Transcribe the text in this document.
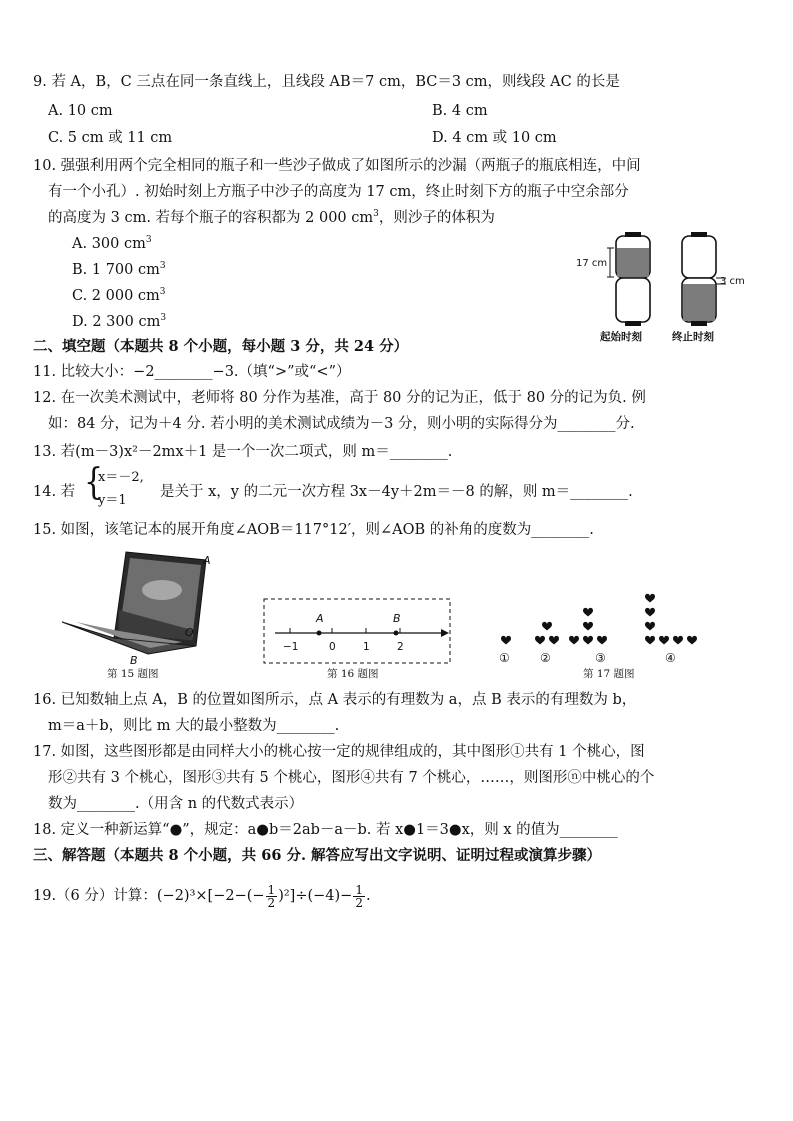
9. 若 A，B，C 三点在同一条直线上，且线段 AB＝7 cm，BC＝3 cm，则线段 AC 的长是
A. 10 cm	B. 4 cm
C. 5 cm 或 11 cm	D. 4 cm 或 10 cm
10. 强强利用两个完全相同的瓶子和一些沙子做成了如图所示的沙漏（两瓶子的瓶底相连，中间
有一个小孔）. 初始时刻上方瓶子中沙子的高度为 17 cm，终止时刻下方的瓶子中空余部分
的高度为 3 cm. 若每个瓶子的容积都为 2 000 $cm^3$，则沙子的体积为
A. 300 $cm^3$
B. 1 700 $cm^3$
C. 2 000 $cm^3$
D. 2 300 $cm^3$
17 cm
3 cm
起始时刻	终止时刻
二、填空题（本题共 8 个小题，每小题 3 分，共 24 分）
11. 比较大小：−2________−3.（填“>”或“<”）
12. 在一次美术测试中，老师将 80 分作为基准，高于 80 分的记为正，低于 80 分的记为负. 例
如：84 分，记为＋4 分. 若小明的美术测试成绩为－3 分，则小明的实际得分为________分.
13. 若(m－3)x²－2mx＋1 是一个一次二项式，则 m＝________.
14. 若 {
x＝－2,
y＝1
是关于 x，y 的二元一次方程 3x－4y＋2m＝－8 的解，则 m＝________.
15. 如图，该笔记本的展开角度∠AOB＝117°12′，则∠AOB 的补角的度数为________.
A
O
B
第 15 题图
A	B
−1	0	1	2
第 16 题图
①	②	③	④
第 17 题图
16. 已知数轴上点 A，B 的位置如图所示，点 A 表示的有理数为 a，点 B 表示的有理数为 b，
m＝a＋b，则比 m 大的最小整数为________.
17. 如图，这些图形都是由同样大小的桃心按一定的规律组成的，其中图形①共有 1 个桃心，图
形②共有 3 个桃心，图形③共有 5 个桃心，图形④共有 7 个桃心，……，则图形ⓝ中桃心的个
数为________.（用含 n 的代数式表示）
18. 定义一种新运算“●”，规定：a●b＝2ab－a－b. 若 x●1＝3●x，则 x 的值为________
三、解答题（本题共 8 个小题，共 66 分. 解答应写出文字说明、证明过程或演算步骤）
19.（6 分）计算：$(-2)^3\times[-2-(- \frac{1}{2} )^2]\div(-4)- \frac{1}{2}$ .
